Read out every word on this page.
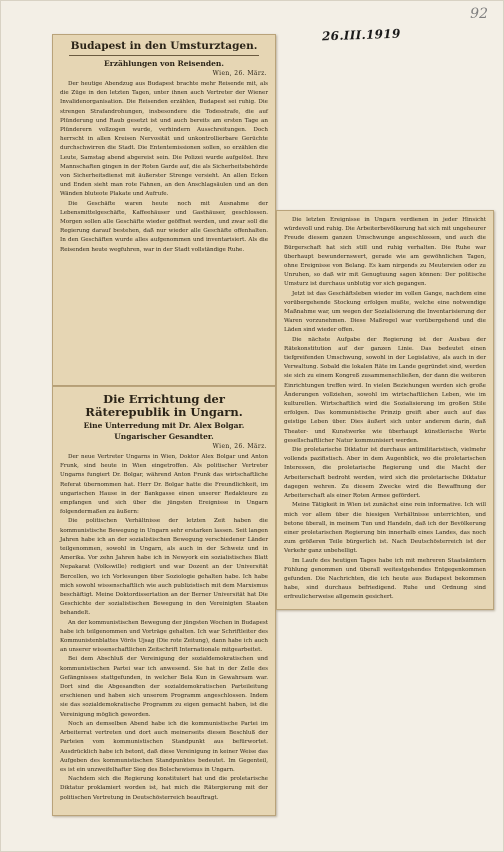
92
26.III.1919
Budapest in den Umsturztagen.
Erzählungen von Reisenden.
Wien, 26. März.

Der heutige Abendzug aus Budapest brachte mehr Reisende mit, als die Züge in den letzten Tagen, unter ihnen auch Vertreter der Wiener Invalidenorganisation. Die Reisenden erzählen, Budapest sei ruhig. Die strengen Strafandrohungen, insbesondere die Todesstrafe, die auf Plünderung und Raub gesetzt ist und auch bereits am ersten Tage an Plünderern vollzogen wurde, verhindern Ausschreitungen. Doch herrscht in allen Kreisen Nervosität und unkontrollierbare Gerüchte durchschwirren die Stadt. Die Ententemissionen sollen, so erzählen die Leute, Samstag abend abgereist sein. Die Polizei wurde aufgelöst. Ihre Mannschaften gingen in der Roten Garde auf, die als Sicherheitsbehörde von Sicherheitsdienst mit äußerster Strenge versieht. An allen Ecken und Enden sieht man rote Fahnen, an den Anschlagsäulen und an den Wänden bluteote Plakate und Aufrufe.

Die Geschäfte waren heute noch mit Ausnahme der Lebensmittelgeschäfte, Kaffeehäuser und Gasthäuser, geschlossen. Morgen sollen alle Geschäfte wieder geöffnet werden, und zwar soll die Regierung darauf bestehen, daß nur wieder alle Geschäfte offenhalten. In den Geschäften wurde alles aufgenommen und inventarisiert. Als die Reisenden heute wegfuhren, war in der Stadt vollständige Ruhe.

Die Errichtung der Räterepublik in Ungarn.
Eine Unterredung mit Dr. Alex Bolgar.
Ungarischer Gesandter.
Wien, 26. März.

Der neue Vertreter Ungarns in Wien, Doktor Alex Bolgar und Anton Frunk, sind heute in Wien eingetroffen. Als politischer Vertreter Ungarns fungiert Dr. Bolgar, während Anton Frunk das wirtschaftliche Referat übernommen hat. Herr Dr. Bolgar hatte die Freundlichkeit, im ungarischen Hause in der Bankgasse einen unserer Redakteure zu empfangen und sich über die jüngsten Ereignisse in Ungarn folgendermaßen zu äußern:

Die politischen Verhältnisse der letzten Zeit haben die kommunistische Bewegung in Ungarn sehr erstarken lassen. Seit langen Jahren habe ich an der sozialistischen Bewegung verschiedener Länder teilgenommen, sowohl in Ungarn, als auch in der Schweiz und in Amerika. Vor zehn Jahren habe ich in Newyork ein sozialistisches Blatt Nepakarat (Volkswille) redigiert und war Dozent an der Universität Bercellen, wo ich Vorlesungen über Soziologie gehalten habe. Ich habe mich sowohl wissenschaftlich wie auch publizistisch mit dem Marxismus beschäftigt. Meine Doktordissertation an der Berner Universität hat Die Geschichte der sozialistischen Bewegung in den Vereinigten Staaten behandelt.

An der kommunistischen Bewegung der jüngsten Wochen in Budapest habe ich teilgenommen und Vorträge gehalten. Ich war Schriftleiter des Kommunistenblattes Vörös Ujsag (Die rote Zeitung), dann habe ich auch an unserer wissenschaftlichen Zeitschrift Internationale mitgearbeitet.

Bei dem Abschluß der Vereinigung der sozialdemokratischen und kommunistischen Partei war ich anwesend. Sie hat in der Zelle des Gefängnisses stattgefunden, in welcher Bela Kun in Gewahrsam war. Dort sind die Abgesandten der sozialdemokratischen Parteileitung erschienen und haben sich unserem Programm angeschlossen. Indem sie das sozialdemokratische Programm zu eigen gemacht haben, ist die Vereinigung möglich geworden.

Noch an demselben Abend habe ich die kommunistische Partei im Arbeiterrat vertreten und dort auch meinerseits diesen Beschluß der Parteien vom kommunistischen Standpunkt aus befürwortet. Ausdrücklich habe ich betont, daß diese Vereinigung in keiner Weise das Aufgeben des kommunistischen Standpunktes bedeutet. Im Gegenteil, es ist ein unzweifelhafter Sieg des Bolschewismus in Ungarn.

Nachdem sich die Regierung konstituiert hat und die proletarische Diktatur proklamiert worden ist, hat mich die Rätergierung mit der politischen Vertretung in Deutschösterreich beauftragt.

Die letzten Ereignisse in Ungarn verdienen in jeder Hinsicht würdevoll und ruhig. Die Arbeiterbevölkerung hat sich mit ungeheurer Freude diesem ganzen Umschwunge angeschlossen, und auch die Bürgerschaft hat sich still und ruhig verhalten. Die Ruhe war überhaupt bewundernswert, gerade wie am gewöhnlichen Tagen, ohne Ereignisse von Belang. Es kam nirgends zu Meutereien oder zu Unruhen, so daß wir mit Genugtuung sagen können: Der politische Umsturz ist durchaus unblutig vor sich gegangen.

Jetzt ist das Geschäftsleben wieder im vollen Gange, nachdem eine vorübergehende Stockung erfolgen mußte, welche eine notwendige Maßnahme war, um wegen der Sozialisierung die Inventarisierung der Waren vorzunehmen. Diese Maßregel war vorübergehend und die Läden sind wieder offen.

Die nächste Aufgabe der Regierung ist der Ausbau der Rätekonstitution auf der ganzen Linie. Das bedeutet einen tiefgreifenden Umschwung, sowohl in der Legislative, als auch in der Verwaltung. Sobald die lokalen Räte im Lande gegründet sind, werden sie sich zu einem Kongreß zusammenschließen, der dann die weiteren Einrichtungen treffen wird. In vielen Beziehungen werden sich große Änderungen vollziehen, sowohl im wirtschaftlichen Leben, wie im kulturellen. Wirtschaftlich wird die Sozialisierung im großen Stile erfolgen. Das kommunistische Prinzip greift aber auch auf das geistige Leben über. Dies äußert sich unter anderem darin, daß Theater- und Kunstwerke wie überhaupt künstlerische Werte gesellschaftlicher Natur kommunisiert werden.

Die proletarische Diktatur ist durchaus antimilitaristisch, vielmehr vollends pazifistisch. Aber in dem Augenblick, wo die proletarischen Interessen, die proletarische Regierung und die Macht der Arbeiterschaft bedroht werden, wird sich die proletarische Diktatur dagegen wehren. Zu diesem Zwecke wird die Bewaffnung der Arbeiterschaft als einer Roten Armee gefördert.

Meine Tätigkeit in Wien ist zunächst eine rein informative. Ich will mich vor allem über die hiesigen Verhältnisse unterrichten, und betone überall, in meinem Tun und Handeln, daß ich der Bevölkerung einer proletarischen Regierung bin innerhalb eines Landes, das noch zum größeren Teile bürgerlich ist. Nach Deutschösterreich ist der Verkehr ganz unbehelligt.

Im Laufe des heutigen Tages habe ich mit mehreren Staatsämtern Fühlung genommen und überall weitestgehendes Entgegenkommen gefunden. Die Nachrichten, die ich heute aus Budapest bekommen habe, sind durchaus befriedigend. Ruhe und Ordnung sind erfreulicherweise allgemein gesichert.
